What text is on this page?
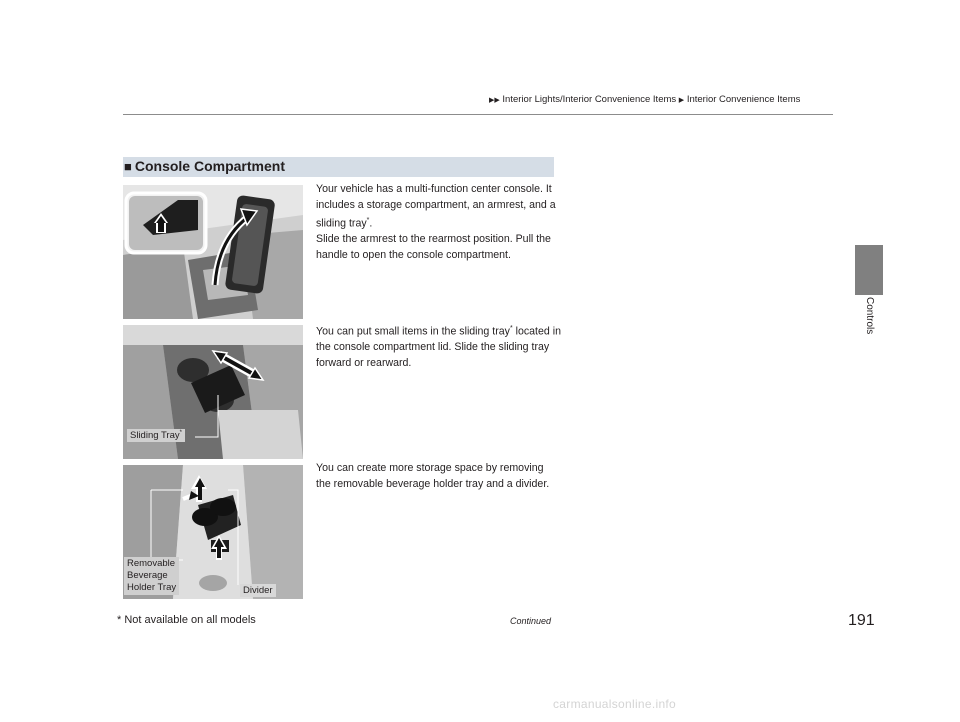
▶▶ Interior Lights/Interior Convenience Items ▶ Interior Convenience Items
Controls
■ Console Compartment
Your vehicle has a multi-function center console. It includes a storage compartment, an armrest, and a sliding tray*.
Slide the armrest to the rearmost position. Pull the handle to open the console compartment.
Sliding Tray*
You can put small items in the sliding tray* located in the console compartment lid. Slide the sliding tray forward or rearward.
Removable
Beverage
Holder Tray	Divider
You can create more storage space by removing the removable beverage holder tray and a divider.
* Not available on all models	Continued	191
carmanualsonline.info
